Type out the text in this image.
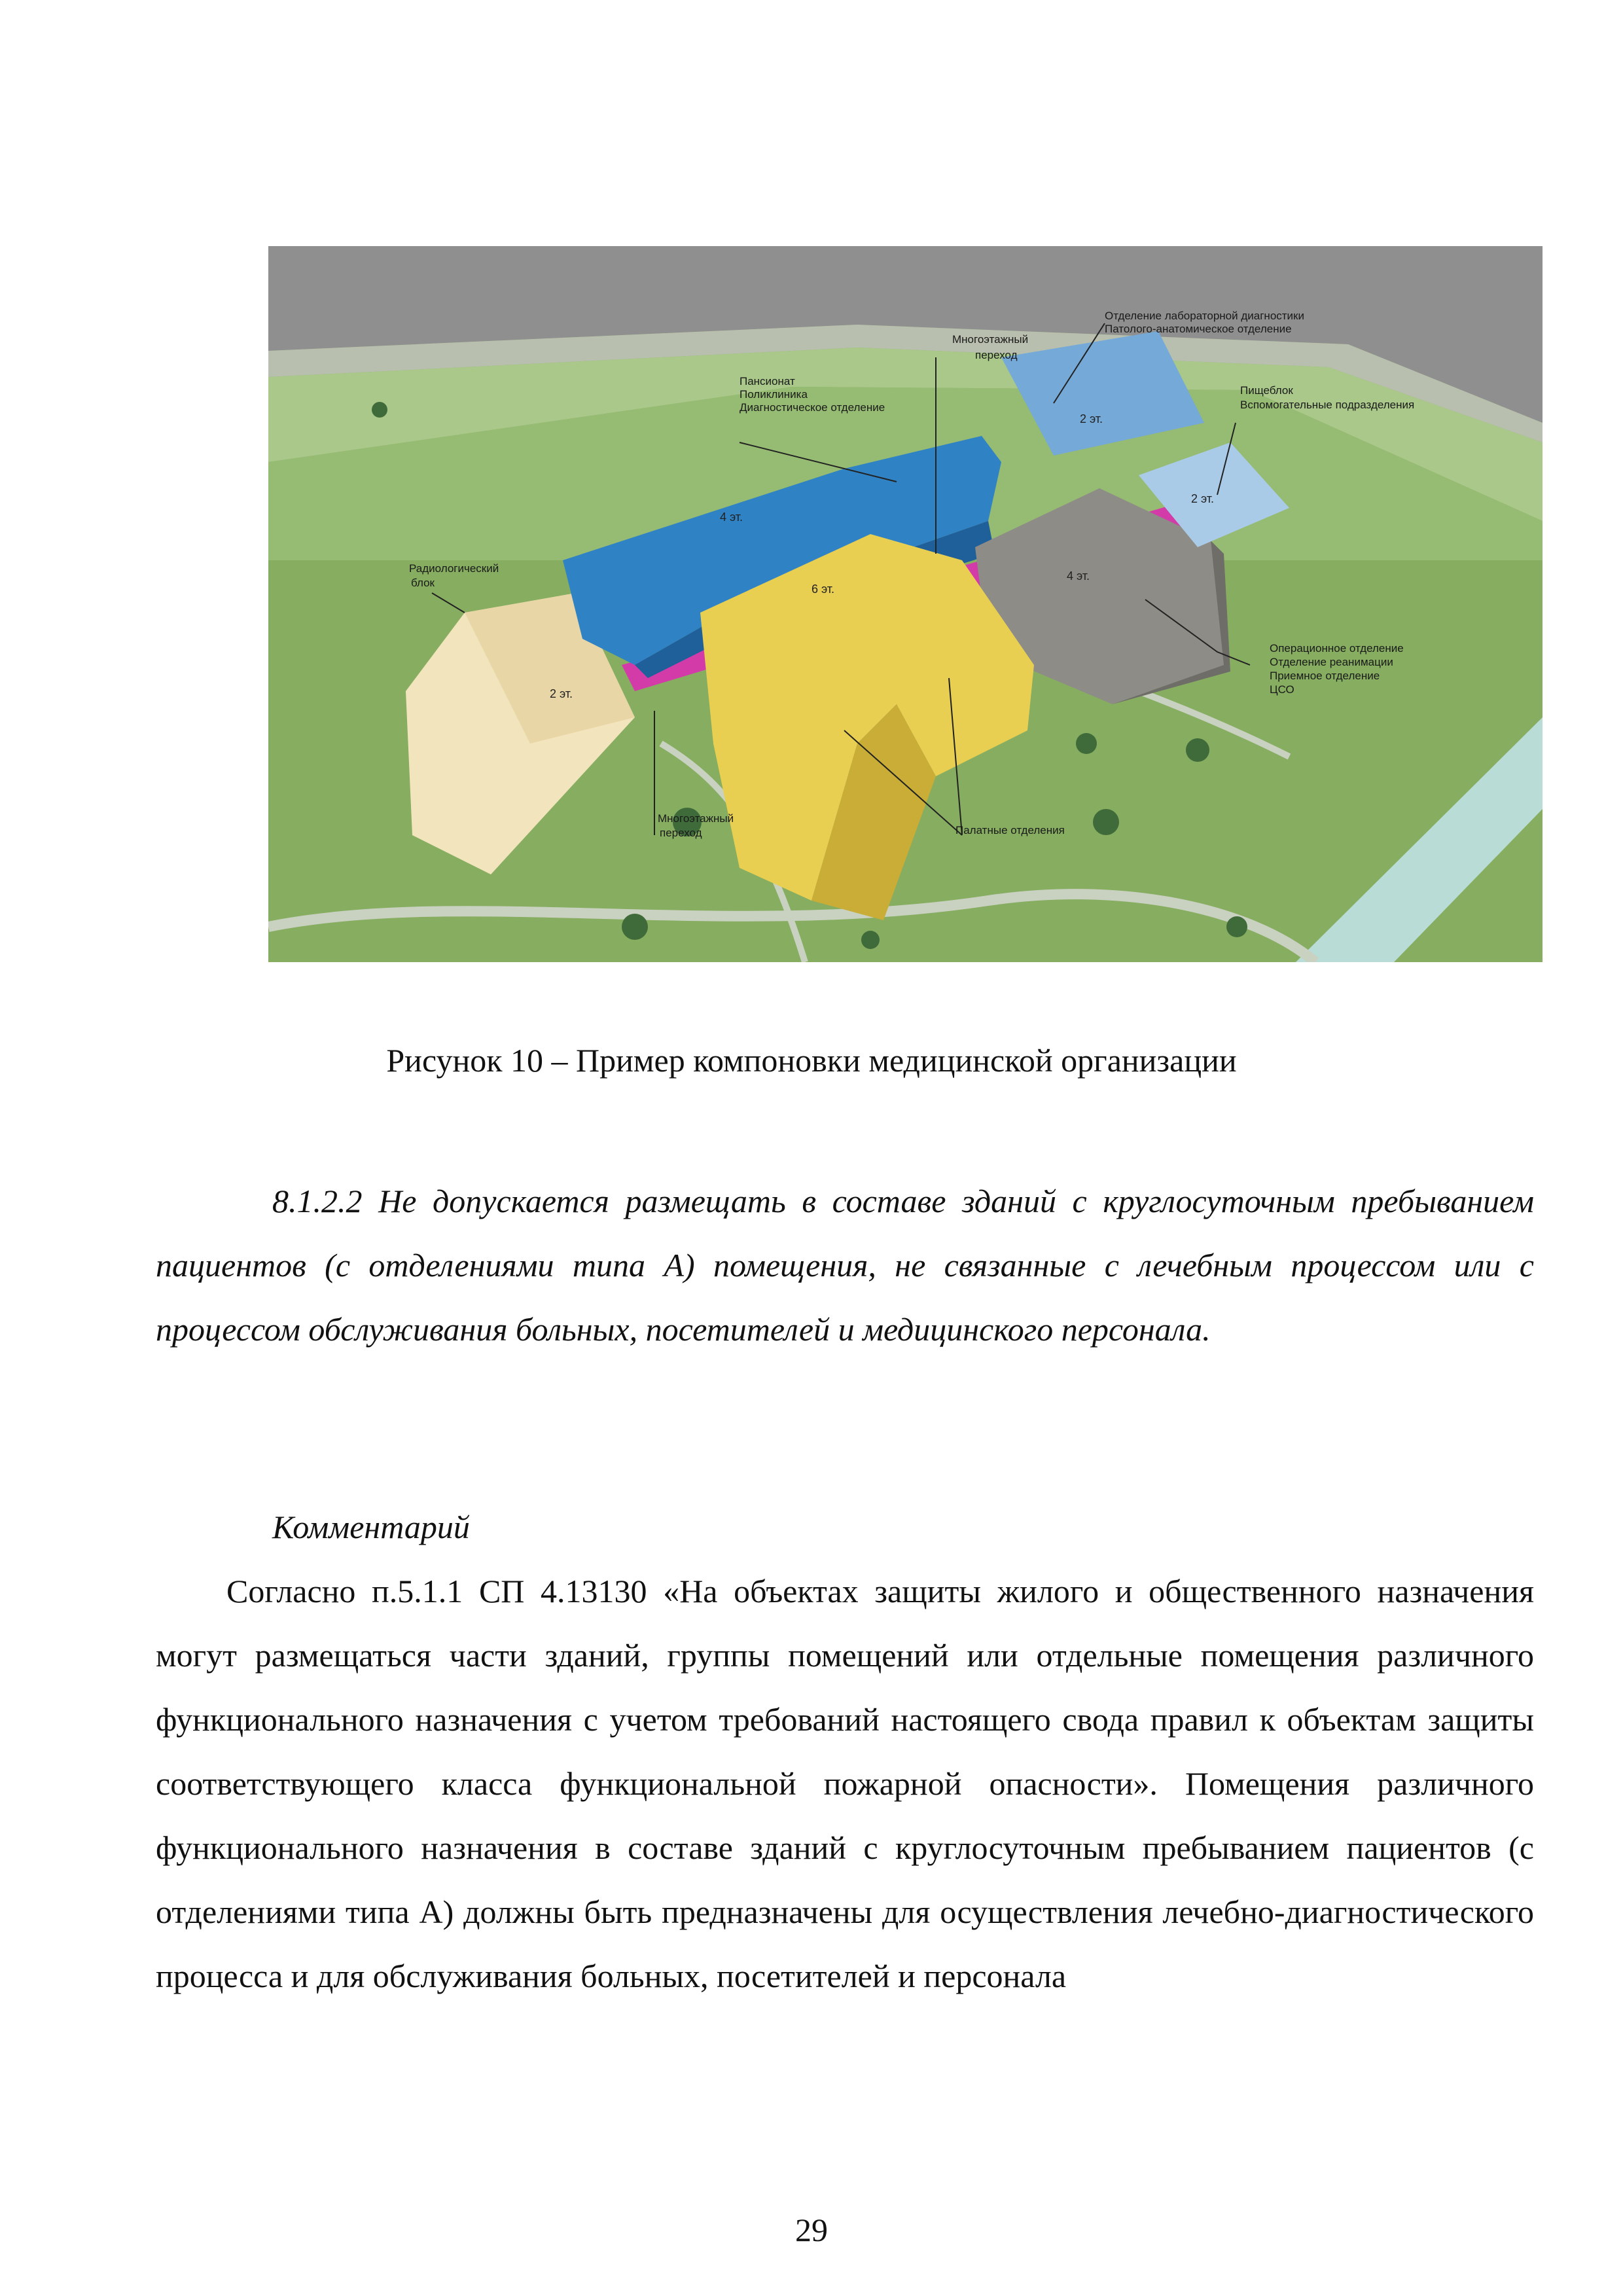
Отделение лабораторной диагностики
Патолого-анатомическое отделение
Многоэтажный
переход
Пансионат
Поликлиника
Диагностическое отделение
Пищеблок
Вспомогательные подразделения
Радиологический
блок
Операционное отделение
Отделение реанимации
Приемное отделение
ЦСО
Многоэтажный
переход	Палатные отделения
2 эт.
2 эт.
4 эт.
4 эт.
6 эт.
2 эт.
Рисунок 10 – Пример компоновки медицинской организации
8.1.2.2 Не допускается размещать в составе зданий с круглосуточным пребыванием пациентов (с отделениями типа А) помещения, не связанные с лечебным процессом или с процессом обслуживания больных, посетителей и медицинского персонала.
Комментарий
Согласно п.5.1.1 СП 4.13130 «На объектах защиты жилого и общественного назначения могут размещаться части зданий, группы помещений или отдельные помещения различного функционального назначения с учетом требований настоящего свода правил к объектам защиты соответствующего класса функциональной пожарной опасности». Помещения различного функционального назначения в составе зданий с круглосуточным пребыванием пациентов (с отделениями типа А) должны быть предназначены для осуществления лечебно-диагностического процесса и для обслуживания больных, посетителей и персонала
29
